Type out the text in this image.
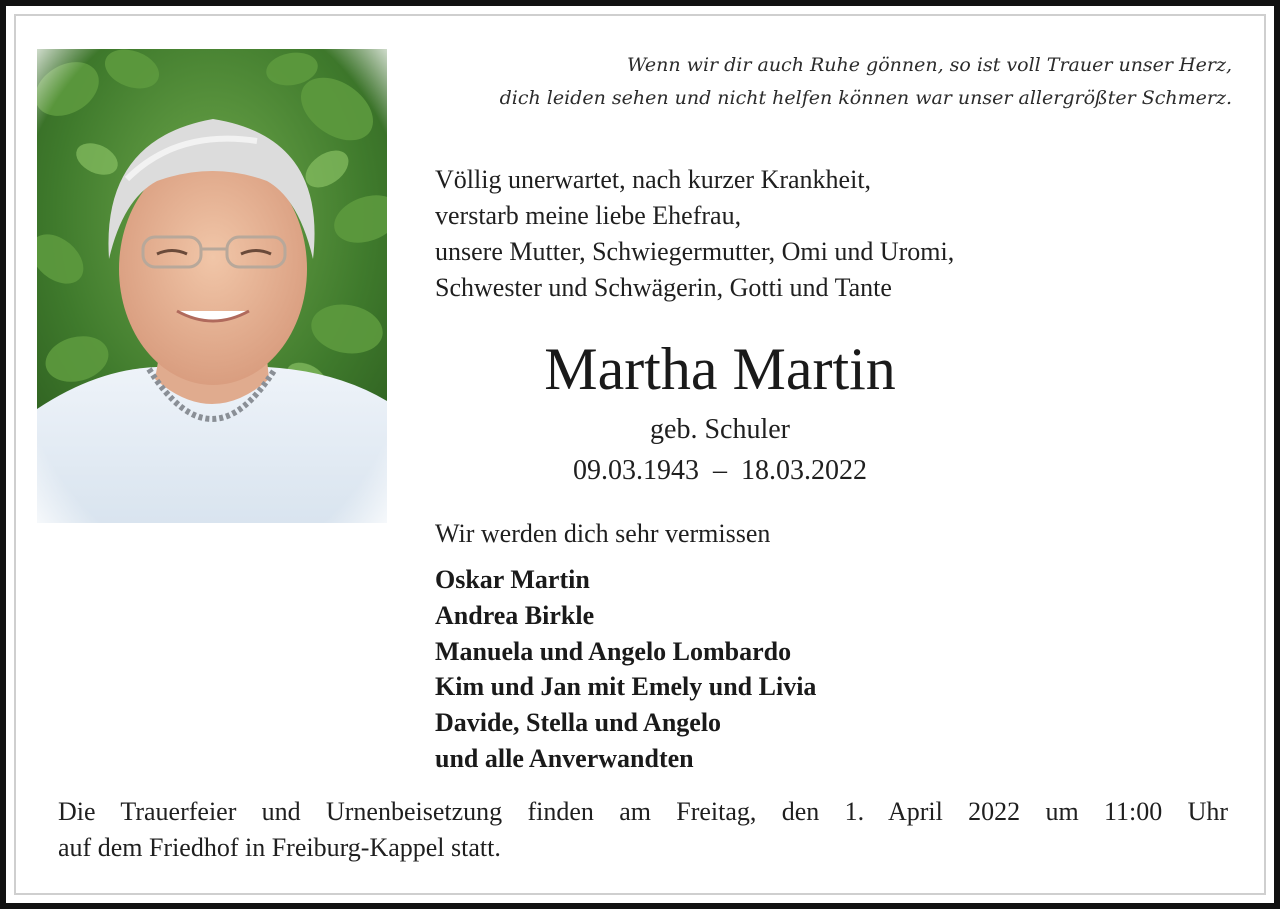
Wenn wir dir auch Ruhe gönnen, so ist voll Trauer unser Herz,
dich leiden sehen und nicht helfen können war unser allergrößter Schmerz.
Völlig unerwartet, nach kurzer Krankheit,
verstarb meine liebe Ehefrau,
unsere Mutter, Schwiegermutter, Omi und Uromi,
Schwester und Schwägerin, Gotti und Tante
Martha Martin
geb. Schuler
09.03.1943  –  18.03.2022
Wir werden dich sehr vermissen
Oskar Martin
Andrea Birkle
Manuela und Angelo Lombardo
Kim und Jan mit Emely und Livia
Davide, Stella und Angelo
und alle Anverwandten
Die Trauerfeier und Urnenbeisetzung finden am Freitag, den 1. April 2022 um 11:00 Uhr
auf dem Friedhof in Freiburg-Kappel statt.
